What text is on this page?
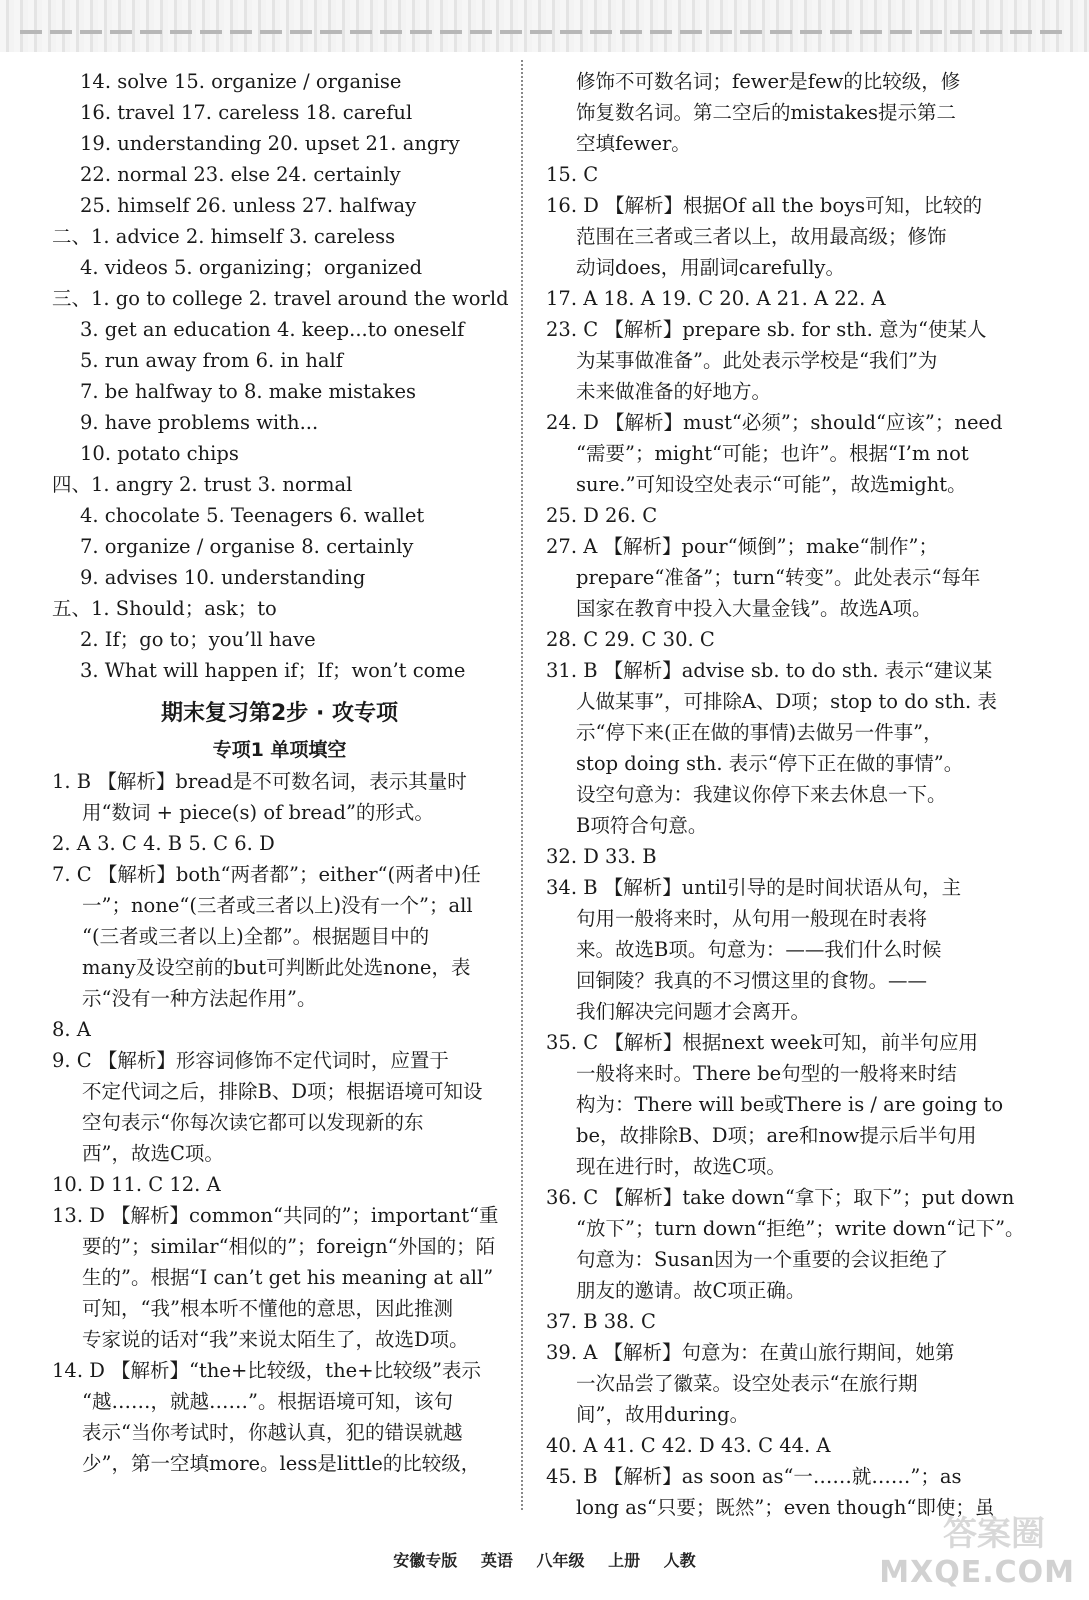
14. solve 15. organize / organise
16. travel 17. careless 18. careful
19. understanding 20. upset 21. angry
22. normal 23. else 24. certainly
25. himself 26. unless 27. halfway
二、1. advice 2. himself 3. careless
4. videos 5. organizing；organized
三、1. go to college 2. travel around the world
3. get an education 4. keep...to oneself
5. run away from 6. in half
7. be halfway to 8. make mistakes
9. have problems with...
10. potato chips
四、1. angry 2. trust 3. normal
4. chocolate 5. Teenagers 6. wallet
7. organize / organise 8. certainly
9. advises 10. understanding
五、1. Should；ask；to
2. If；go to；you’ll have
3. What will happen if；If；won’t come
期末复习第2步 · 攻专项
专项1 单项填空
1. B 【解析】bread是不可数名词，表示其量时
用“数词 + piece(s) of bread”的形式。
2. A 3. C 4. B 5. C 6. D
7. C 【解析】both“两者都”；either“(两者中)任
一”；none“(三者或三者以上)没有一个”；all
“(三者或三者以上)全都”。根据题目中的
many及设空前的but可判断此处选none，表
示“没有一种方法起作用”。
8. A
9. C 【解析】形容词修饰不定代词时，应置于
不定代词之后，排除B、D项；根据语境可知设
空句表示“你每次读它都可以发现新的东
西”，故选C项。
10. D 11. C 12. A
13. D 【解析】common“共同的”；important“重
要的”；similar“相似的”；foreign“外国的；陌
生的”。根据“I can’t get his meaning at all”
可知，“我”根本听不懂他的意思，因此推测
专家说的话对“我”来说太陌生了，故选D项。
14. D 【解析】“the+比较级，the+比较级”表示
“越……，就越……”。根据语境可知，该句
表示“当你考试时，你越认真，犯的错误就越
少”，第一空填more。less是little的比较级，
修饰不可数名词；fewer是few的比较级，修
饰复数名词。第二空后的mistakes提示第二
空填fewer。
15. C
16. D 【解析】根据Of all the boys可知，比较的
范围在三者或三者以上，故用最高级；修饰
动词does，用副词carefully。
17. A 18. A 19. C 20. A 21. A 22. A
23. C 【解析】prepare sb. for sth. 意为“使某人
为某事做准备”。此处表示学校是“我们”为
未来做准备的好地方。
24. D 【解析】must“必须”；should“应该”；need
“需要”；might“可能；也许”。根据“I’m not
sure.”可知设空处表示“可能”，故选might。
25. D 26. C
27. A 【解析】pour“倾倒”；make“制作”；
prepare“准备”；turn“转变”。此处表示“每年
国家在教育中投入大量金钱”。故选A项。
28. C 29. C 30. C
31. B 【解析】advise sb. to do sth. 表示“建议某
人做某事”，可排除A、D项；stop to do sth. 表
示“停下来(正在做的事情)去做另一件事”，
stop doing sth. 表示“停下正在做的事情”。
设空句意为：我建议你停下来去休息一下。
B项符合句意。
32. D 33. B
34. B 【解析】until引导的是时间状语从句，主
句用一般将来时，从句用一般现在时表将
来。故选B项。句意为：——我们什么时候
回铜陵？我真的不习惯这里的食物。——
我们解决完问题才会离开。
35. C 【解析】根据next week可知，前半句应用
一般将来时。There be句型的一般将来时结
构为：There will be或There is / are going to
be，故排除B、D项；are和now提示后半句用
现在进行时，故选C项。
36. C 【解析】take down“拿下；取下”；put down
“放下”；turn down“拒绝”；write down“记下”。
句意为：Susan因为一个重要的会议拒绝了
朋友的邀请。故C项正确。
37. B 38. C
39. A 【解析】句意为：在黄山旅行期间，她第
一次品尝了徽菜。设空处表示“在旅行期
间”，故用during。
40. A 41. C 42. D 43. C 44. A
45. B 【解析】as soon as“一……就……”；as
long as“只要；既然”；even though“即使；虽
安徽专版 英语 八年级 上册 人教
答案圈
MXQE.COM
